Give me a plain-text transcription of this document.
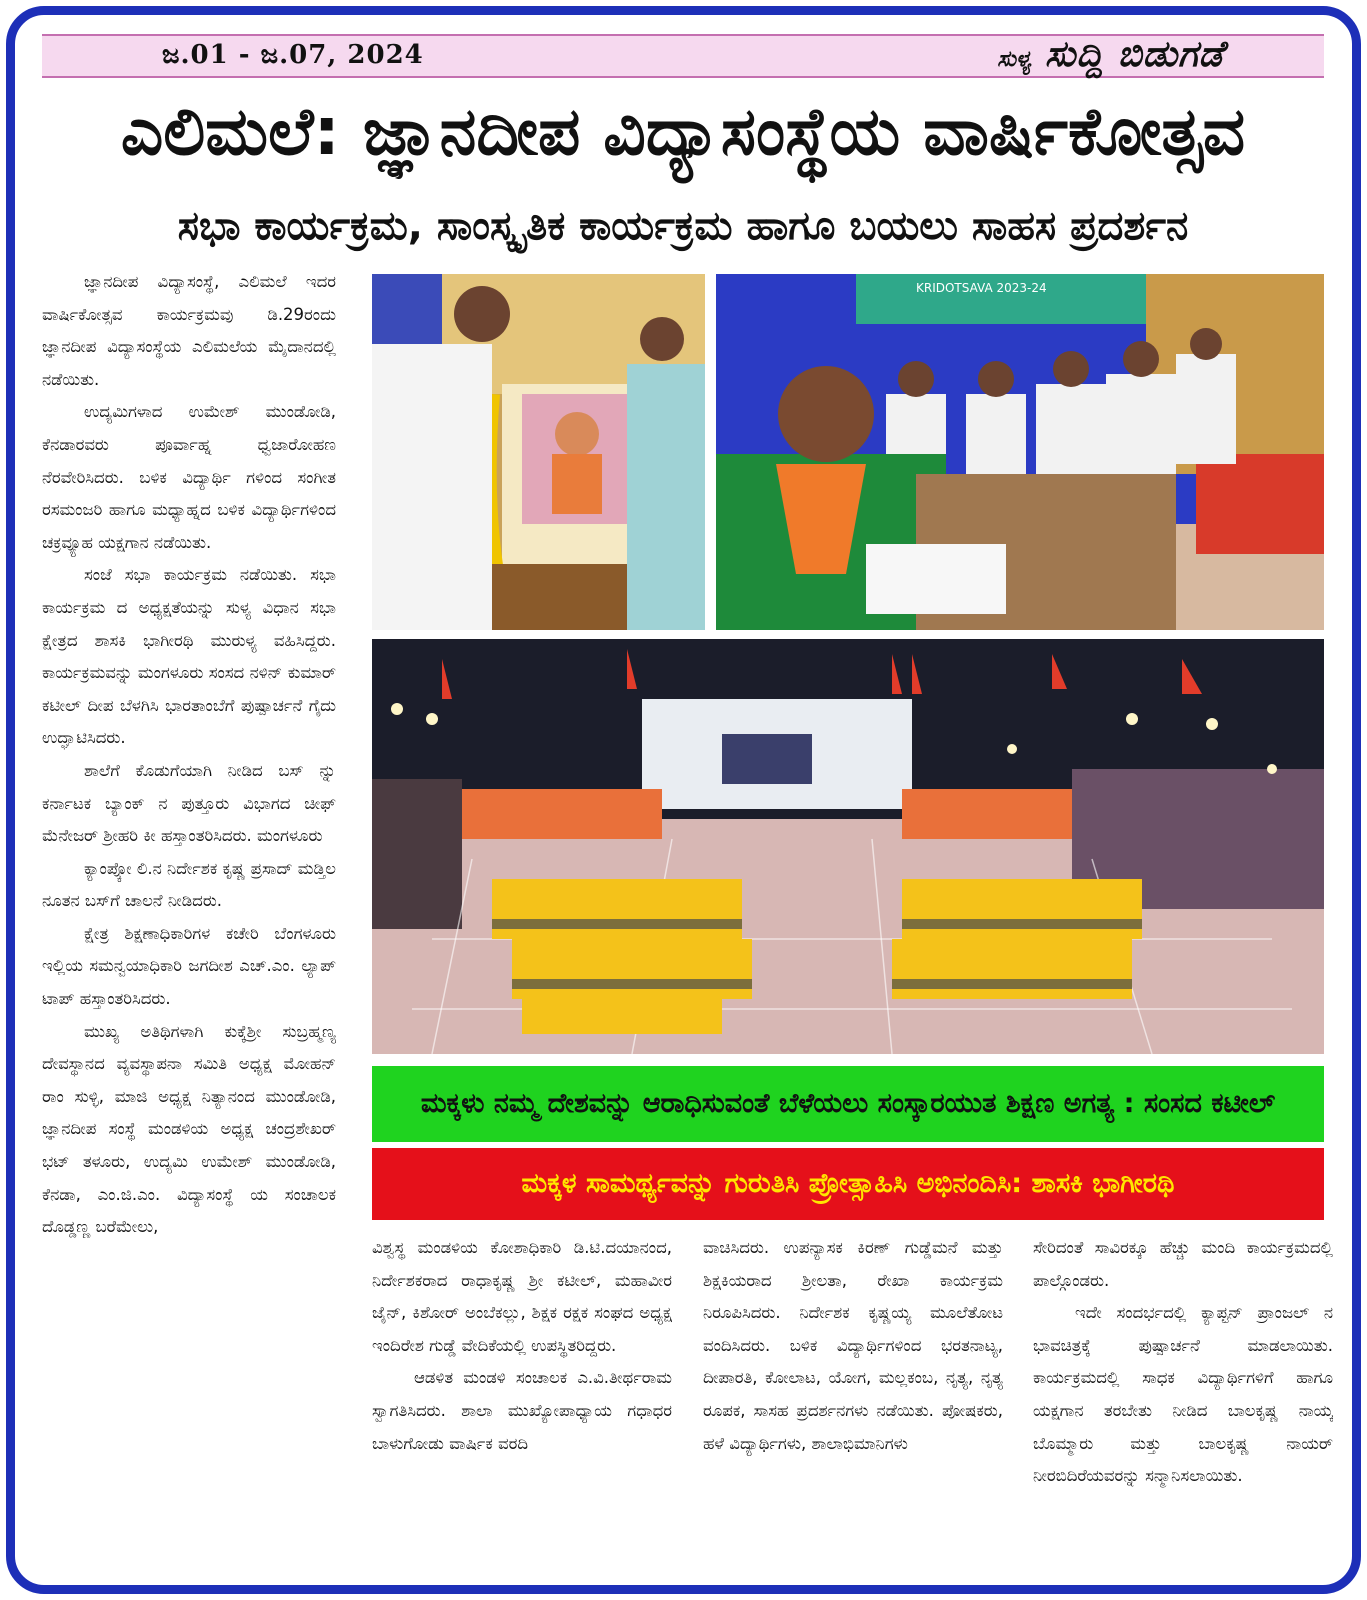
ಜ.01 - ಜ.07, 2024	ಸುಳ್ಯ ಸುದ್ದಿ ಬಿಡುಗಡೆ
ಎಲಿಮಲೆ: ಜ್ಞಾನದೀಪ ವಿದ್ಯಾಸಂಸ್ಥೆಯ ವಾರ್ಷಿಕೋತ್ಸವ
ಸಭಾ ಕಾರ್ಯಕ್ರಮ, ಸಾಂಸ್ಕೃತಿಕ ಕಾರ್ಯಕ್ರಮ ಹಾಗೂ ಬಯಲು ಸಾಹಸ ಪ್ರದರ್ಶನ

ಜ್ಞಾನದೀಪ ವಿದ್ಯಾಸಂಸ್ಥೆ, ಎಲಿಮಲೆ ಇದರ ವಾರ್ಷಿಕೋತ್ಸವ ಕಾರ್ಯಕ್ರಮವು ಡಿ.29ರಂದು ಜ್ಞಾನದೀಪ ವಿದ್ಯಾಸಂಸ್ಥೆಯ ಎಲಿಮಲೆಯ ಮೈದಾನದಲ್ಲಿ ನಡೆಯಿತು.

ಉದ್ಯಮಿಗಳಾದ ಉಮೇಶ್ ಮುಂಡೋಡಿ, ಕೆನಡಾರವರು ಪೂರ್ವಾಹ್ನ ಧ್ವಜಾರೋಹಣ ನೆರವೇರಿಸಿದರು. ಬಳಿಕ ವಿದ್ಯಾರ್ಥಿ ಗಳಿಂದ ಸಂಗೀತ ರಸಮಂಜರಿ ಹಾಗೂ ಮಧ್ಯಾಹ್ನದ ಬಳಿಕ ವಿದ್ಯಾರ್ಥಿಗಳಿಂದ ಚಕ್ರವ್ಯೂಹ ಯಕ್ಷಗಾನ ನಡೆಯಿತು.

ಸಂಜೆ ಸಭಾ ಕಾರ್ಯಕ್ರಮ ನಡೆಯಿತು. ಸಭಾ ಕಾರ್ಯಕ್ರಮ ದ ಅಧ್ಯಕ್ಷತೆಯನ್ನು ಸುಳ್ಯ ವಿಧಾನ ಸಭಾ ಕ್ಷೇತ್ರದ ಶಾಸಕಿ ಭಾಗೀರಥಿ ಮುರುಳ್ಯ ವಹಿಸಿದ್ದರು. ಕಾರ್ಯಕ್ರಮವನ್ನು ಮಂಗಳೂರು ಸಂಸದ ನಳಿನ್ ಕುಮಾರ್ ಕಟೀಲ್ ದೀಪ ಬೆಳಗಿಸಿ ಭಾರತಾಂಬೆಗೆ ಪುಷ್ಪಾರ್ಚನೆ ಗೈದು ಉದ್ಘಾಟಿಸಿದರು.

ಶಾಲೆಗೆ ಕೊಡುಗೆಯಾಗಿ ನೀಡಿದ ಬಸ್ ನ್ನು ಕರ್ನಾಟಕ ಬ್ಯಾಂಕ್ ನ ಪುತ್ತೂರು ವಿಭಾಗದ ಚೀಫ್ ಮೆನೇಜರ್ ಶ್ರೀಹರಿ ಕೀ ಹಸ್ತಾಂತರಿಸಿದರು. ಮಂಗಳೂರು

ಕ್ಯಾಂಪ್ಕೋ ಲಿ.ನ ನಿರ್ದೇಶಕ ಕೃಷ್ಣ ಪ್ರಸಾದ್ ಮಡ್ತಿಲ ನೂತನ ಬಸ್‌ಗೆ ಚಾಲನೆ ನೀಡಿದರು.

ಕ್ಷೇತ್ರ ಶಿಕ್ಷಣಾಧಿಕಾರಿಗಳ ಕಚೇರಿ ಬೆಂಗಳೂರು ಇಲ್ಲಿಯ ಸಮನ್ವಯಾಧಿಕಾರಿ ಜಗದೀಶ ಎಚ್.ಎಂ. ಲ್ಯಾಪ್ ಟಾಪ್ ಹಸ್ತಾಂತರಿಸಿದರು.

ಮುಖ್ಯ ಅತಿಥಿಗಳಾಗಿ ಕುಕ್ಕೆಶ್ರೀ ಸುಬ್ರಹ್ಮಣ್ಯ ದೇವಸ್ಥಾನದ ವ್ಯವಸ್ಥಾಪನಾ ಸಮಿತಿ ಅಧ್ಯಕ್ಷ ಮೋಹನ್ ರಾಂ ಸುಳ್ಳಿ, ಮಾಜಿ ಅಧ್ಯಕ್ಷ ನಿತ್ಯಾನಂದ ಮುಂಡೋಡಿ, ಜ್ಞಾನದೀಪ ಸಂಸ್ಥೆ ಮಂಡಳಿಯ ಅಧ್ಯಕ್ಷ ಚಂದ್ರಶೇಖರ್ ಭಟ್ ತಳೂರು, ಉದ್ಯಮಿ ಉಮೇಶ್ ಮುಂಡೋಡಿ, ಕೆನಡಾ, ಎಂ.ಜಿ.ಎಂ. ವಿದ್ಯಾಸಂಸ್ಥೆ ಯ ಸಂಚಾಲಕ ದೊಡ್ಡಣ್ಣ ಬರೆಮೇಲು,

KRIDOTSAVA 2023-24
ಮಕ್ಕಳು ನಮ್ಮ ದೇಶವನ್ನು ಆರಾಧಿಸುವಂತೆ ಬೆಳೆಯಲು ಸಂಸ್ಕಾರಯುತ ಶಿಕ್ಷಣ ಅಗತ್ಯ : ಸಂಸದ ಕಟೀಲ್
ಮಕ್ಕಳ ಸಾಮರ್ಥ್ಯವನ್ನು ಗುರುತಿಸಿ ಪ್ರೋತ್ಸಾಹಿಸಿ ಅಭಿನಂದಿಸಿ: ಶಾಸಕಿ ಭಾಗೀರಥಿ

ವಿಶ್ವಸ್ಥ ಮಂಡಳಿಯ ಕೋಶಾಧಿಕಾರಿ ಡಿ.ಟಿ.ದಯಾನಂದ, ನಿರ್ದೇಶಕರಾದ ರಾಧಾಕೃಷ್ಣ ಶ್ರೀ ಕಟೀಲ್, ಮಹಾವೀರ ಜೈನ್, ಕಿಶೋರ್ ಅಂಬೆಕಲ್ಲು, ಶಿಕ್ಷಕ ರಕ್ಷಕ ಸಂಘದ ಅಧ್ಯಕ್ಷ ಇಂದಿರೇಶ ಗುಡ್ಡೆ ವೇದಿಕೆಯಲ್ಲಿ ಉಪಸ್ಥಿತರಿದ್ದರು.

ಆಡಳಿತ ಮಂಡಳಿ ಸಂಚಾಲಕ ಎ.ವಿ.ತೀರ್ಥರಾಮ ಸ್ವಾಗತಿಸಿದರು. ಶಾಲಾ ಮುಖ್ಯೋಪಾಧ್ಯಾಯ ಗಧಾಧರ ಬಾಳುಗೋಡು ವಾರ್ಷಿಕ ವರದಿ

ವಾಚಿಸಿದರು. ಉಪನ್ಯಾಸಕ ಕಿರಣ್ ಗುಡ್ಡೆಮನೆ ಮತ್ತು ಶಿಕ್ಷಕಿಯರಾದ ಶ್ರೀಲತಾ, ರೇಖಾ ಕಾರ್ಯಕ್ರಮ ನಿರೂಪಿಸಿದರು. ನಿರ್ದೇಶಕ ಕೃಷ್ಣಯ್ಯ ಮೂಲೆತೋಟ ವಂದಿಸಿದರು. ಬಳಿಕ ವಿದ್ಯಾರ್ಥಿಗಳಿಂದ ಭರತನಾಟ್ಯ, ದೀಪಾರತಿ, ಕೋಲಾಟ, ಯೋಗ, ಮಲ್ಲಕಂಬ, ನೃತ್ಯ, ನೃತ್ಯ ರೂಪಕ, ಸಾಸಹ ಪ್ರದರ್ಶನಗಳು ನಡೆಯಿತು. ಪೋಷಕರು, ಹಳೆ ವಿದ್ಯಾರ್ಥಿಗಳು, ಶಾಲಾಭಿಮಾನಿಗಳು

ಸೇರಿದಂತೆ ಸಾವಿರಕ್ಕೂ ಹೆಚ್ಚು ಮಂದಿ ಕಾರ್ಯಕ್ರಮದಲ್ಲಿ ಪಾಲ್ಗೊಂಡರು.

ಇದೇ ಸಂದರ್ಭದಲ್ಲಿ ಕ್ಯಾಪ್ಟನ್ ಪ್ರಾಂಜಲ್ ನ ಭಾವಚಿತ್ರಕ್ಕೆ ಪುಷ್ಪಾರ್ಚನೆ ಮಾಡಲಾಯಿತು. ಕಾರ್ಯಕ್ರಮದಲ್ಲಿ ಸಾಧಕ ವಿದ್ಯಾರ್ಥಿಗಳಿಗೆ ಹಾಗೂ ಯಕ್ಷಗಾನ ತರಬೇತು ನೀಡಿದ ಬಾಲಕೃಷ್ಣ ನಾಯ್ಕ ಬೊಮ್ಮಾರು ಮತ್ತು ಬಾಲಕೃಷ್ಣ ನಾಯರ್ ನೀರಬಿದಿರೆಯವರನ್ನು ಸನ್ಮಾನಿಸಲಾಯಿತು.
